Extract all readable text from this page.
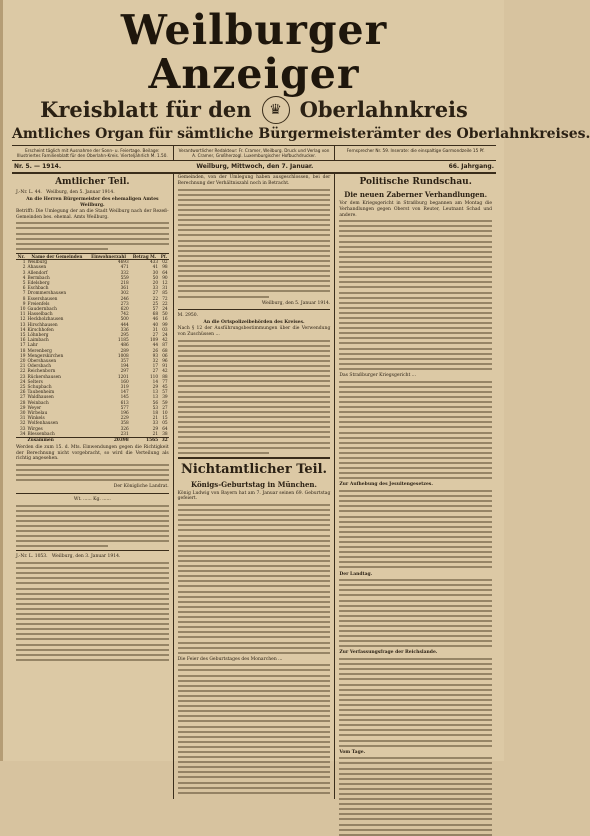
Weilburger Anzeiger
Kreisblatt für den	♛ Oberlahnkreis
Amtliches Organ für sämtliche Bürgermeisterämter des Oberlahnkreises.
Erscheint täglich mit Ausnahme der Sonn- u. Feiertage. Beilage: Illustriertes Familienblatt für den Oberlahn-Kreis. Vierteljährlich M. 1.50.
Verantwortlicher Redakteur: Fr. Cramer, Weilburg. Druck und Verlag von A. Cramer, Großherzogl. Luxemburgischer Hofbuchdrucker.
Fernsprecher Nr. 59. Inserate: die einspaltige Garmondzeile 15 Pf.
Nr. 5. — 1914.	Weilburg, Mittwoch, den 7. Januar.	66. Jahrgang.
Amtlicher Teil.
J.-Nr. L. 44. Weilburg, den 5. Januar 1914.
An die Herren Bürgermeister des ehemaligen Amtes Weilburg.
Betrifft: Die Umlegung der an die Stadt Weilburg nach der Rezeß- Gemeinden bes. ehemal. Amts Weilburg.
Nr.	Name der Gemeinden	Einwohnerzahl	Betrag M.	Pf.
1	Weilburg	4693	433	02
2	Ahausen	471	41	98
3	Allendorf	332	30	64
4	Bermbach	559	50	90
5	Edelsberg	218	20	12
6	Eschbach	361	33	31
7	Drommershausen	302	27	85
8	Essershausen	246	22	72
9	Freienfels	273	25	22
10	Gaudernbach	620	57	24
11	Hasselbach	742	68	50
12	Heckholzhausen	500	46	16
13	Hirschhausen	444	40	99
14	Kirschhofen	336	31	03
15	Löhnberg	295	27	24
16	Laimbach	1185	109	42
17	Lahr	486	44	87
18	Merenberg	289	26	68
19	Mengerskirchen	1008	93	06
20	Obershausen	357	32	96
21	Odersbach	194	17	91
22	Reichenborn	297	27	42
23	Rückershausen	1201	110	88
24	Selters	160	14	77
25	Schupbach	319	29	45
26	Taubenheim	147	13	57
27	Waldhausen	145	13	39
28	Weinbach	613	56	59
29	Weyer	577	53	27
30	Wirbelau	196	18	10
31	Winkels	229	21	15
32	Wolfenhausen	358	33	05
33	Wirges	326	29	64
34	Blessenbach	231	21	38
	Zusammen	20398	1565	32
Werden die zum 15. d. Mts. Einwendungen gegen die Richtigkeit der Berechnung nicht vorgebracht, so wird die Verteilung als richtig angesehen.
Der Königliche Landrat.
Wt. ...... Kg. ......
J.-Nr. L. 1053. Weilburg, den 3. Januar 1914.
Gemeinden, von der Umlegung haben ausgeschlossen, bei der Berechnung der Verhältniszahl noch in Betracht.
Weilburg, den 5. Januar 1914.
M. 2950.
An die Ortspolizeibehörden des Kreises.
Nach § 12 der Ausführungsbestimmungen über die Verwendung von Zuschüssen ...
Nichtamtlicher Teil.
Königs-Geburtstag in München.
König Ludwig von Bayern hat am 7. Januar seinen 69. Geburtstag gefeiert.
Die Feier des Geburtstages des Monarchen ...
Politische Rundschau.
Die neuen Zaberner Verhandlungen.
Vor dem Kriegsgericht in Straßburg begannen am Montag die Verhandlungen gegen Oberst von Reuter, Leutnant Schad und andere.
Das Straßburger Kriegsgericht ...
Zur Aufhebung des Jesuitengesetzes.
Der Landtag.
Zur Verfassungsfrage der Reichslande.
Vom Tage.
